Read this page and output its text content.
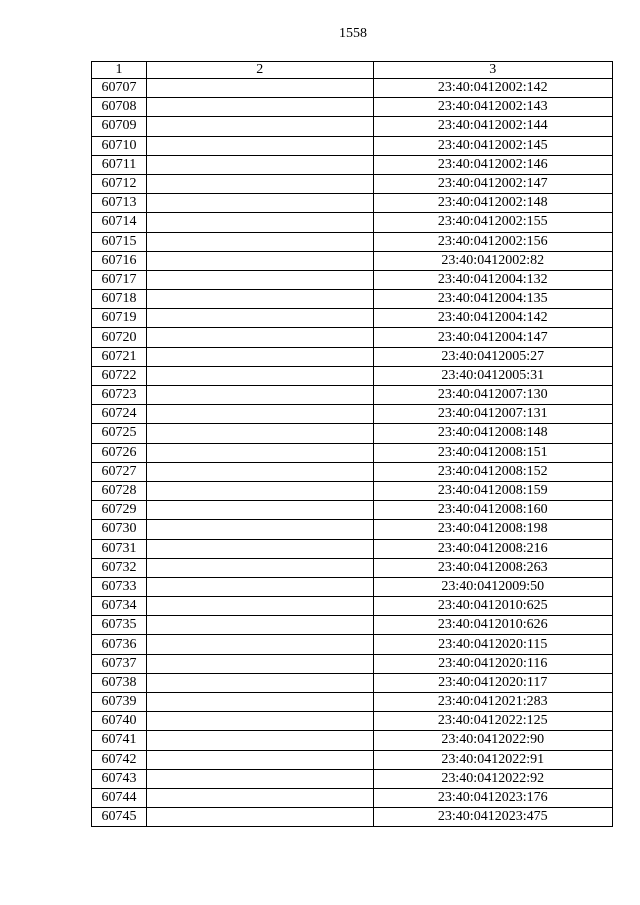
1558
1	2	3
60707		23:40:0412002:142
60708		23:40:0412002:143
60709		23:40:0412002:144
60710		23:40:0412002:145
60711		23:40:0412002:146
60712		23:40:0412002:147
60713		23:40:0412002:148
60714		23:40:0412002:155
60715		23:40:0412002:156
60716		23:40:0412002:82
60717		23:40:0412004:132
60718		23:40:0412004:135
60719		23:40:0412004:142
60720		23:40:0412004:147
60721		23:40:0412005:27
60722		23:40:0412005:31
60723		23:40:0412007:130
60724		23:40:0412007:131
60725		23:40:0412008:148
60726		23:40:0412008:151
60727		23:40:0412008:152
60728		23:40:0412008:159
60729		23:40:0412008:160
60730		23:40:0412008:198
60731		23:40:0412008:216
60732		23:40:0412008:263
60733		23:40:0412009:50
60734		23:40:0412010:625
60735		23:40:0412010:626
60736		23:40:0412020:115
60737		23:40:0412020:116
60738		23:40:0412020:117
60739		23:40:0412021:283
60740		23:40:0412022:125
60741		23:40:0412022:90
60742		23:40:0412022:91
60743		23:40:0412022:92
60744		23:40:0412023:176
60745		23:40:0412023:475
